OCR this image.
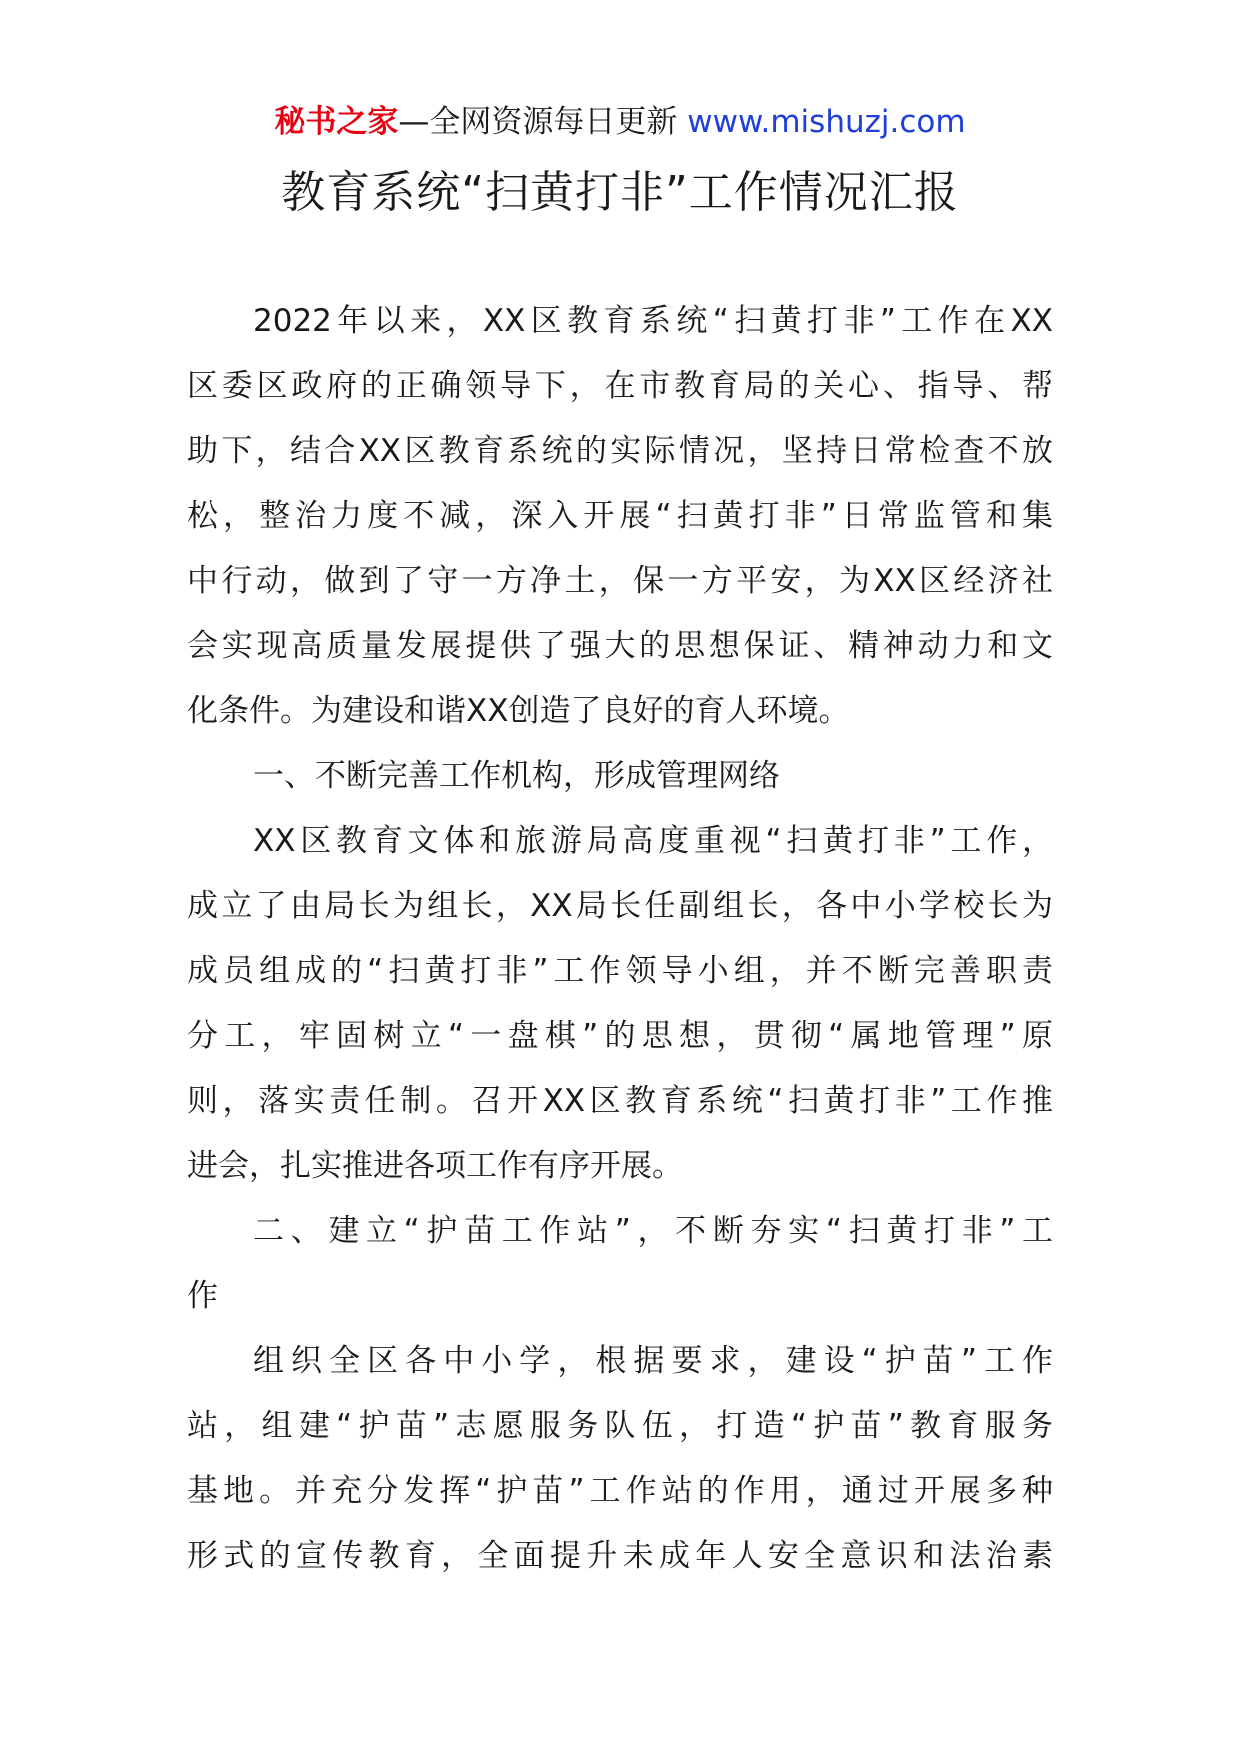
秘书之家—全网资源每日更新 www.mishuzj.com
教育系统“扫黄打非”工作情况汇报
2022年以来，XX区教育系统“扫黄打非”工作在XX
区委区政府的正确领导下，在市教育局的关心、指导、帮
助下，结合XX区教育系统的实际情况，坚持日常检查不放
松，整治力度不减，深入开展“扫黄打非”日常监管和集
中行动，做到了守一方净土，保一方平安，为XX区经济社
会实现高质量发展提供了强大的思想保证、精神动力和文
化条件。为建设和谐XX创造了良好的育人环境。
一、不断完善工作机构，形成管理网络
XX区教育文体和旅游局高度重视“扫黄打非”工作，
成立了由局长为组长，XX局长任副组长，各中小学校长为
成员组成的“扫黄打非”工作领导小组，并不断完善职责
分工，牢固树立“一盘棋”的思想，贯彻“属地管理”原
则，落实责任制。召开XX区教育系统“扫黄打非”工作推
进会，扎实推进各项工作有序开展。
二、建立“护苗工作站”，不断夯实“扫黄打非”工
作
组织全区各中小学，根据要求，建设“护苗”工作
站，组建“护苗”志愿服务队伍，打造“护苗”教育服务
基地。并充分发挥“护苗”工作站的作用，通过开展多种
形式的宣传教育，全面提升未成年人安全意识和法治素
